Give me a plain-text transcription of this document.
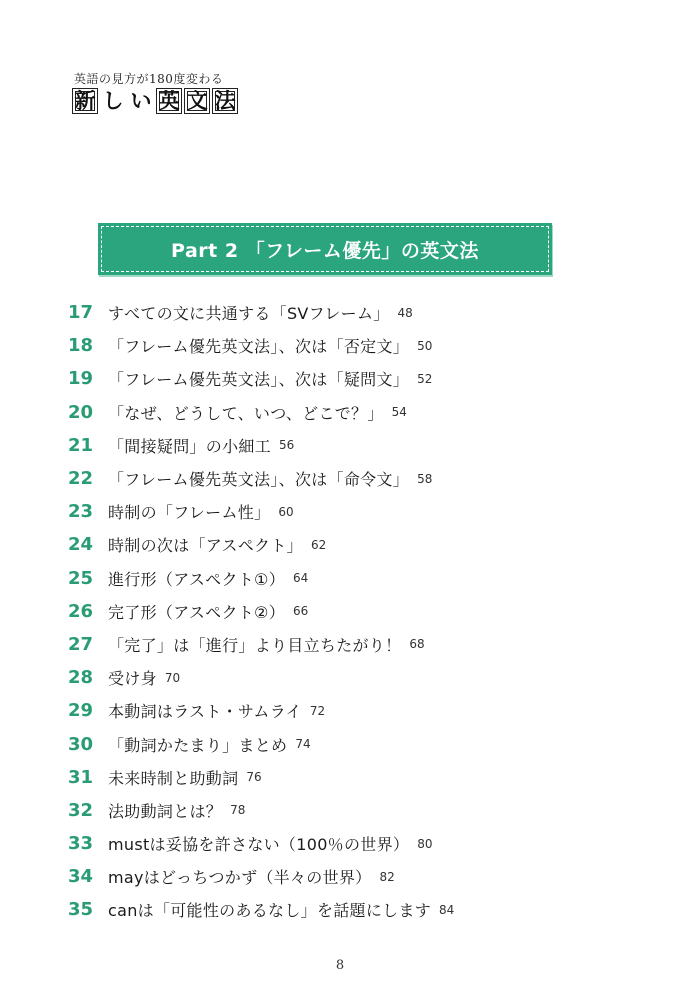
英語の見方が180度変わる
新 し い 英 文 法
Part 2 「フレーム優先」の英文法
17 すべての文に共通する「SVフレーム」 48
18 「フレーム優先英文法」、次は「否定文」 50
19 「フレーム優先英文法」、次は「疑問文」 52
20 「なぜ、どうして、いつ、どこで？」 54
21 「間接疑問」の小細工 56
22 「フレーム優先英文法」、次は「命令文」 58
23 時制の「フレーム性」 60
24 時制の次は「アスペクト」 62
25 進行形（アスペクト①） 64
26 完了形（アスペクト②） 66
27 「完了」は「進行」より目立ちたがり！ 68
28 受け身 70
29 本動詞はラスト・サムライ 72
30 「動詞かたまり」まとめ 74
31 未来時制と助動詞 76
32 法助動詞とは？ 78
33 mustは妥協を許さない（100％の世界） 80
34 mayはどっちつかず（半々の世界） 82
35 canは「可能性のあるなし」を話題にします 84
8
